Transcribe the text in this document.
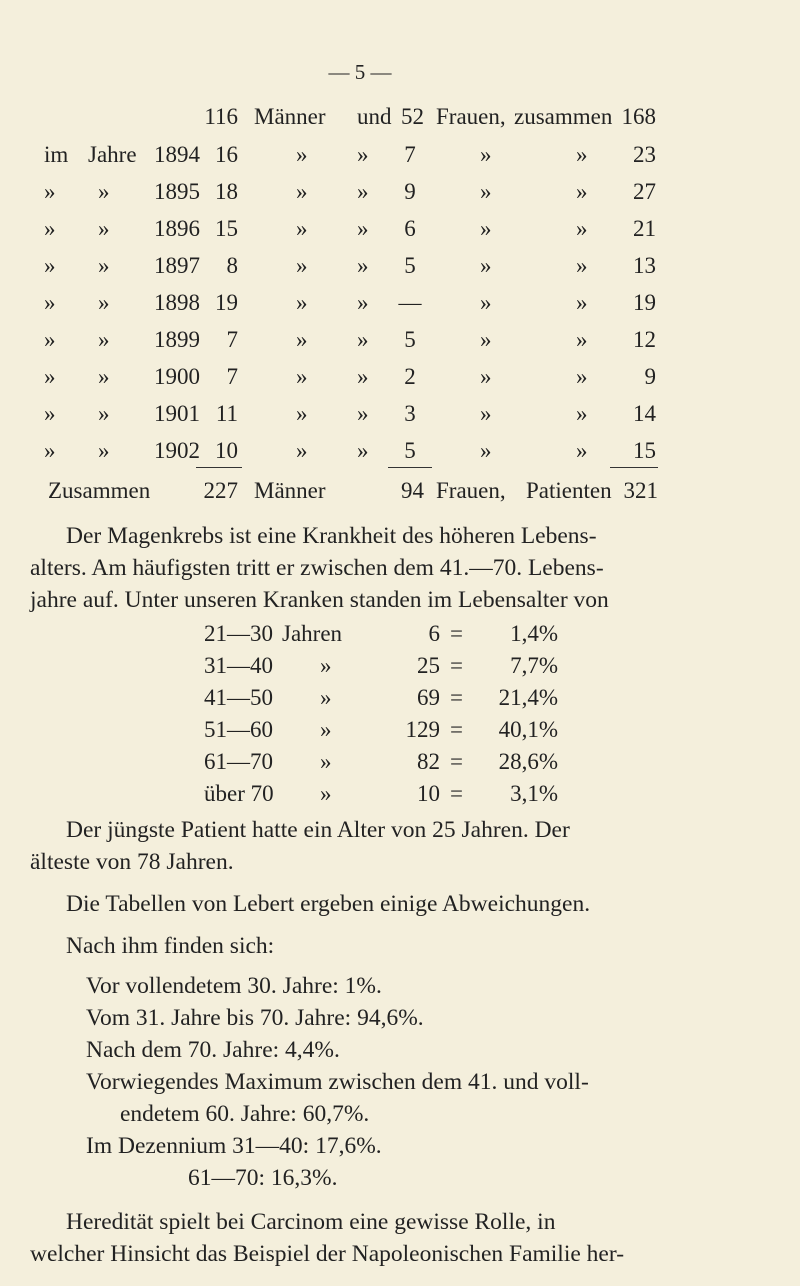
— 5 —
116 Männer und 52 Frauen, zusammen 168
im Jahre 1894 16	» »	7	»	»	23
» » 1895 18	» »	9	»	»	27
» » 1896 15	» »	6	»	»	21
» » 1897	8	» »	5	»	»	13
» » 1898 19	» » —	»	»	19
» » 1899	7	» »	5	»	»	12
» » 1900	7	» »	2	»	»	9
» » 1901 11	» »	3	»	»	14
» » 1902 10	» »	5	»	»	15
Zusammen	227 Männer	94 Frauen, Patienten 321
Der Magenkrebs ist eine Krankheit des höheren Lebens-
alters. Am häufigsten tritt er zwischen dem 41.—70. Lebens-
jahre auf. Unter unseren Kranken standen im Lebensalter von
21—30 Jahren	6 =	1,4%
31—40 »	25 =	7,7%
41—50 »	69 =	21,4%
51—60 »	129 =	40,1%
61—70 »	82 =	28,6%
über 70 »	10 =	3,1%
Der jüngste Patient hatte ein Alter von 25 Jahren. Der
älteste von 78 Jahren.
Die Tabellen von Lebert ergeben einige Abweichungen.
Nach ihm finden sich:
Vor vollendetem 30. Jahre: 1%.
Vom 31. Jahre bis 70. Jahre: 94,6%.
Nach dem 70. Jahre: 4,4%.
Vorwiegendes Maximum zwischen dem 41. und voll-
endetem 60. Jahre: 60,7%.
Im Dezennium 31—40: 17,6%.
61—70: 16,3%.
Heredität spielt bei Carcinom eine gewisse Rolle, in
welcher Hinsicht das Beispiel der Napoleonischen Familie her-
